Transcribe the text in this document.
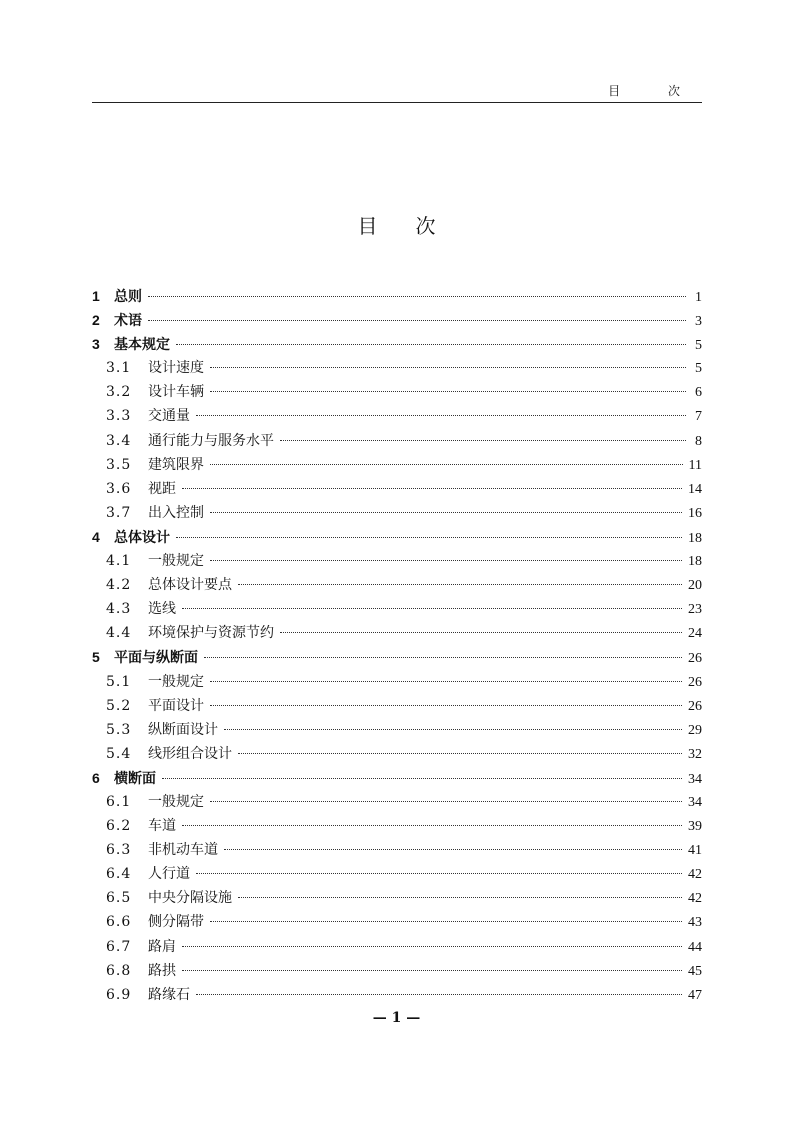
目 次
目次
1	总则	1
2	术语	3
3	基本规定	5
3.1	设计速度	5
3.2	设计车辆	6
3.3	交通量	7
3.4	通行能力与服务水平	8
3.5	建筑限界	11
3.6	视距	14
3.7	出入控制	16
4	总体设计	18
4.1	一般规定	18
4.2	总体设计要点	20
4.3	选线	23
4.4	环境保护与资源节约	24
5	平面与纵断面	26
5.1	一般规定	26
5.2	平面设计	26
5.3	纵断面设计	29
5.4	线形组合设计	32
6	横断面	34
6.1	一般规定	34
6.2	车道	39
6.3	非机动车道	41
6.4	人行道	42
6.5	中央分隔设施	42
6.6	侧分隔带	43
6.7	路肩	44
6.8	路拱	45
6.9	路缘石	47
— 1 —
